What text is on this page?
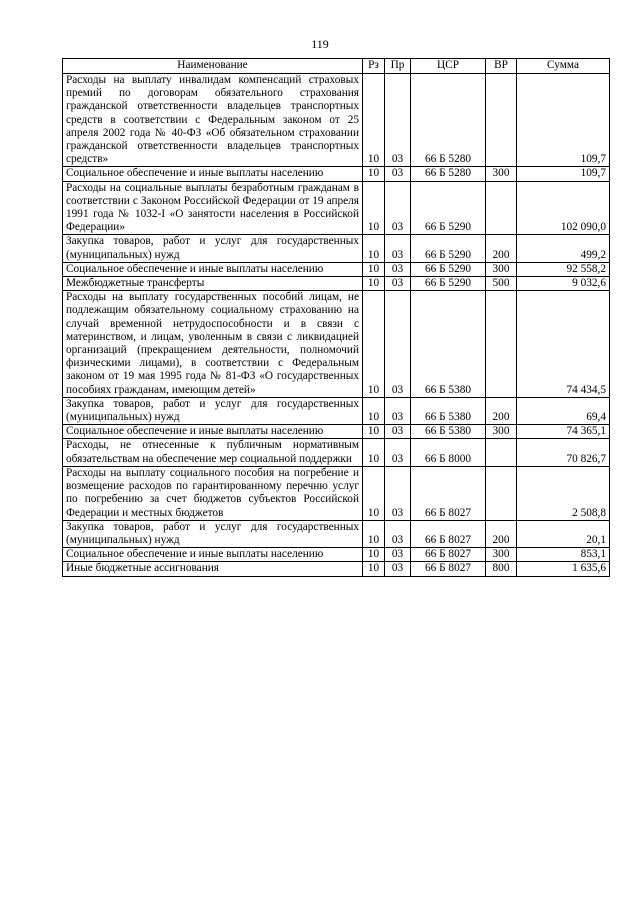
119
Наименование	Рз	Пр	ЦСР	ВР	Сумма
Расходы на выплату инвалидам компенсаций страховых премий по договорам обязательного страхования гражданской ответственности владельцев транспортных средств в соответствии с Федеральным законом от 25 апреля 2002 года № 40-ФЗ «Об обязательном страховании гражданской ответственности владельцев транспортных средств»	10	03	66 Б 5280		109,7
Социальное обеспечение и иные выплаты населению	10	03	66 Б 5280	300	109,7
Расходы на социальные выплаты безработным гражданам в соответствии с Законом Российской Федерации от 19 апреля 1991 года № 1032-I «О занятости населения в Российской Федерации»	10	03	66 Б 5290		102 090,0
Закупка товаров, работ и услуг для государственных (муниципальных) нужд	10	03	66 Б 5290	200	499,2
Социальное обеспечение и иные выплаты населению	10	03	66 Б 5290	300	92 558,2
Межбюджетные трансферты	10	03	66 Б 5290	500	9 032,6
Расходы на выплату государственных пособий лицам, не подлежащим обязательному социальному страхованию на случай временной нетрудоспособности и в связи с материнством, и лицам, уволенным в связи с ликвидацией организаций (прекращением деятельности, полномочий физическими лицами), в соответствии с Федеральным законом от 19 мая 1995 года № 81-ФЗ «О государственных пособиях гражданам, имеющим детей»	10	03	66 Б 5380		74 434,5
Закупка товаров, работ и услуг для государственных (муниципальных) нужд	10	03	66 Б 5380	200	69,4
Социальное обеспечение и иные выплаты населению	10	03	66 Б 5380	300	74 365,1
Расходы, не отнесенные к публичным нормативным обязательствам на обеспечение мер социальной поддержки	10	03	66 Б 8000		70 826,7
Расходы на выплату социального пособия на погребение и возмещение расходов по гарантированному перечню услуг по погребению за счет бюджетов субъектов Российской Федерации и местных бюджетов	10	03	66 Б 8027		2 508,8
Закупка товаров, работ и услуг для государственных (муниципальных) нужд	10	03	66 Б 8027	200	20,1
Социальное обеспечение и иные выплаты населению	10	03	66 Б 8027	300	853,1
Иные бюджетные ассигнования	10	03	66 Б 8027	800	1 635,6
